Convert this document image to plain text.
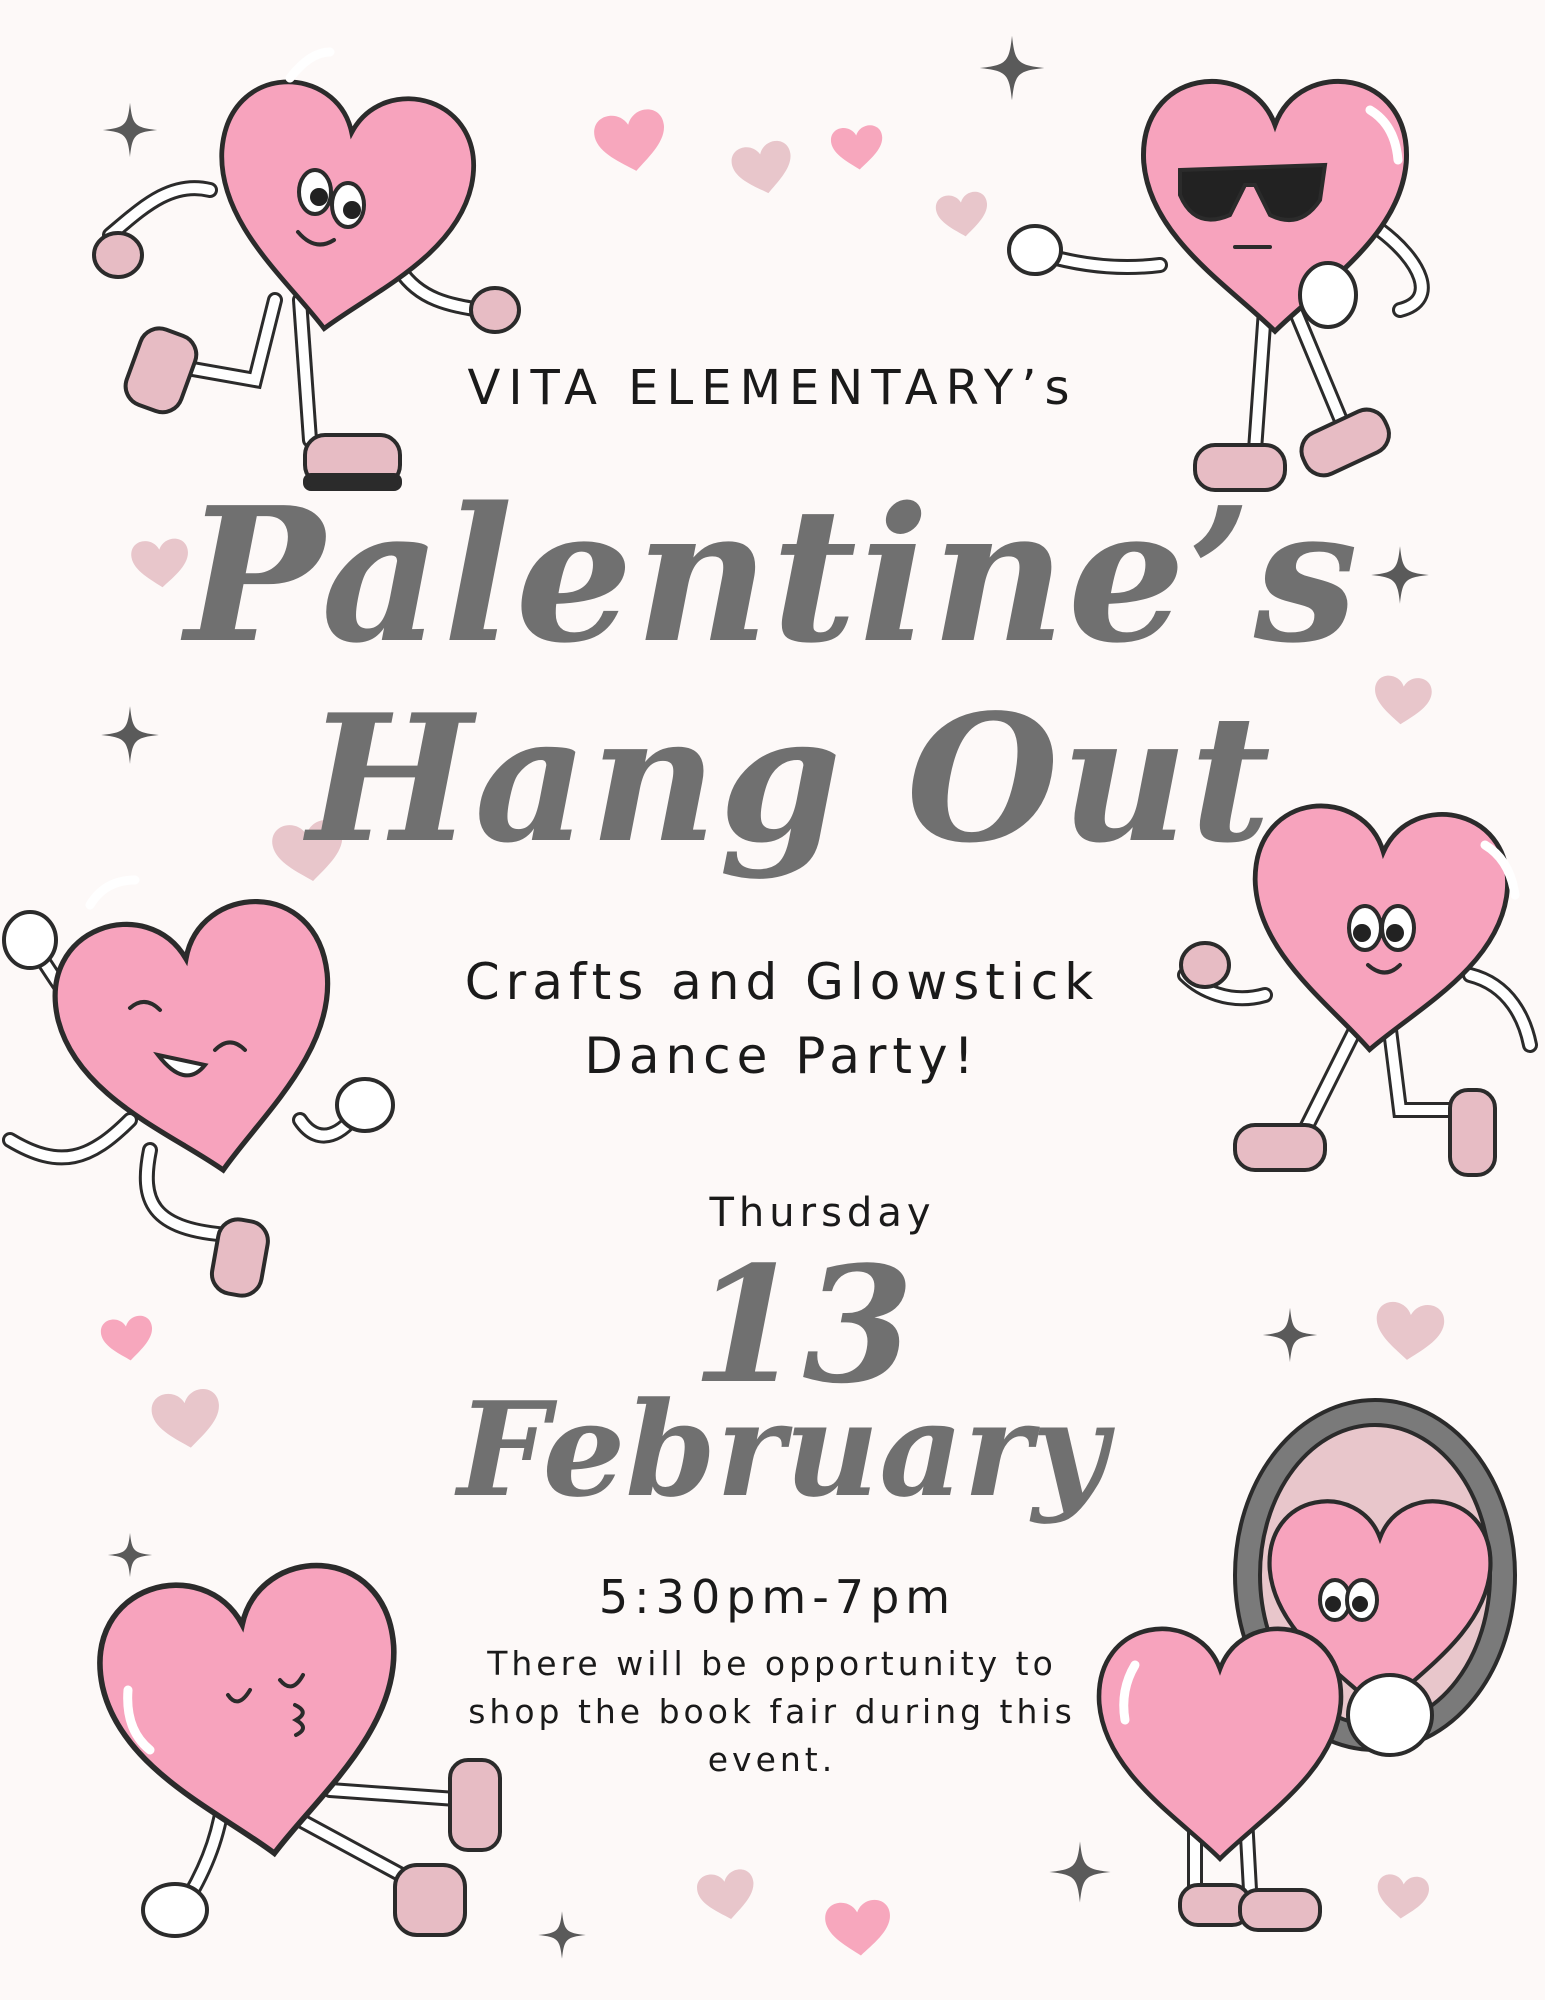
VITA ELEMENTARY’s
Palentine’s
Hang Out
Crafts and Glowstick Dance Party!
Thursday
13
February
5:30pm-7pm
There will be opportunity to shop the book fair during this event.
